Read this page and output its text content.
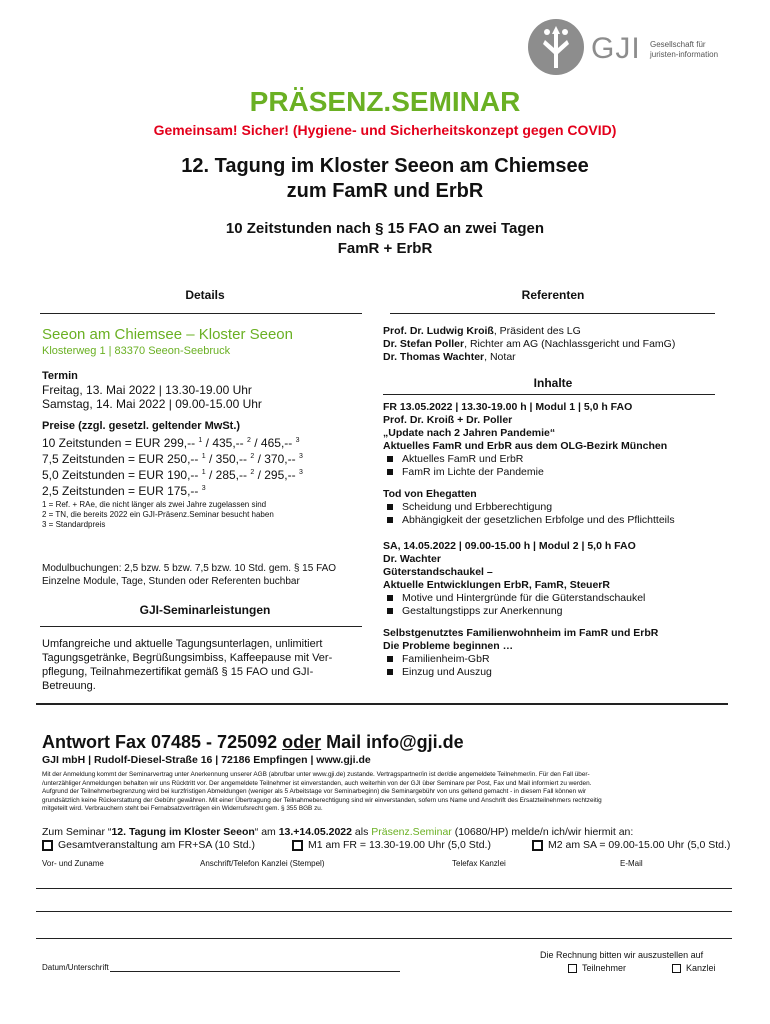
GJI Gesellschaft für
juristen-information
PRÄSENZ.SEMINAR
Gemeinsam! Sicher! (Hygiene- und Sicherheitskonzept gegen COVID)
12. Tagung im Kloster Seeon am Chiemsee
zum FamR und ErbR
10 Zeitstunden nach § 15 FAO an zwei Tagen
FamR + ErbR
Details
Seeon am Chiemsee – Kloster Seeon
Klosterweg 1 | 83370 Seeon-Seebruck
Termin
Freitag, 13. Mai 2022 | 13.30-19.00 Uhr
Samstag, 14. Mai 2022 | 09.00-15.00 Uhr
Preise (zzgl. gesetzl. geltender MwSt.)
10 Zeitstunden = EUR 299,-- $^1$ / 435,-- $^2$ / 465,-- $^3$
7,5 Zeitstunden = EUR 250,-- $^1$ / 350,-- $^2$ / 370,-- $^3$
5,0 Zeitstunden = EUR 190,-- $^1$ / 285,-- $^2$ / 295,-- $^3$
2,5 Zeitstunden = EUR 175,-- $^3$
1 = Ref. + RAe, die nicht länger als zwei Jahre zugelassen sind
2 = TN, die bereits 2022 ein GJI-Präsenz.Seminar besucht haben
3 = Standardpreis
Modulbuchungen: 2,5 bzw. 5 bzw. 7,5 bzw. 10 Std. gem. § 15 FAO
Einzelne Module, Tage, Stunden oder Referenten buchbar
GJI-Seminarleistungen
Umfangreiche und aktuelle Tagungsunterlagen, unlimitiert
Tagungsgetränke, Begrüßungsimbiss, Kaffeepause mit Ver-
pflegung, Teilnahmezertifikat gemäß § 15 FAO und GJI-
Betreuung.
Referenten
Prof. Dr. Ludwig Kroiß, Präsident des LG
Dr. Stefan Poller, Richter am AG (Nachlassgericht und FamG)
Dr. Thomas Wachter, Notar
Inhalte
FR 13.05.2022 | 13.30-19.00 h | Modul 1 | 5,0 h FAO
Prof. Dr. Kroiß + Dr. Poller
„Update nach 2 Jahren Pandemie“
Aktuelles FamR und ErbR aus dem OLG-Bezirk München
Aktuelles FamR und ErbR
FamR im Lichte der Pandemie
Tod von Ehegatten
Scheidung und Erbberechtigung
Abhängigkeit der gesetzlichen Erbfolge und des Pflichtteils
SA, 14.05.2022 | 09.00-15.00 h | Modul 2 | 5,0 h FAO
Dr. Wachter
Güterstandschaukel –
Aktuelle Entwicklungen ErbR, FamR, SteuerR
Motive und Hintergründe für die Güterstandschaukel
Gestaltungstipps zur Anerkennung
Selbstgenutztes Familienwohnheim im FamR und ErbR
Die Probleme beginnen …
Familienheim-GbR
Einzug und Auszug
Antwort Fax 07485 - 725092 oder Mail info@gji.de
GJI mbH | Rudolf-Diesel-Straße 16 | 72186 Empfingen | www.gji.de
Mit der Anmeldung kommt der Seminarvertrag unter Anerkennung unserer AGB (abrufbar unter www.gji.de) zustande. Vertragspartner/in ist der/die angemeldete Teilnehmer/in. Für den Fall über-
/unterzähliger Anmeldungen behalten wir uns Rücktritt vor. Der angemeldete Teilnehmer ist einverstanden, auch weiterhin von der GJI über Seminare per Post, Fax und Mail informiert zu werden.
Aufgrund der Teilnehmerbegrenzung wird bei kurzfristigen Abmeldungen (weniger als 5 Arbeitstage vor Seminarbeginn) die Seminargebühr von uns geltend gemacht - in diesem Fall können wir
grundsätzlich keine Rückerstattung der Gebühr gewähren. Mit einer Übertragung der Teilnahmeberechtigung sind wir einverstanden, sofern uns Name und Anschrift des Ersatzteilnehmers rechtzeitig
mitgeteilt wird. Verbrauchern steht bei Fernabsatzverträgen ein Widerrufsrecht gem. § 355 BGB zu.
Zum Seminar “12. Tagung im Kloster Seeon“ am 13.+14.05.2022 als Präsenz.Seminar (10680/HP) melde/n ich/wir hiermit an:
Gesamtveranstaltung am FR+SA (10 Std.)	M1 am FR = 13.30-19.00 Uhr (5,0 Std.)	M2 am SA = 09.00-15.00 Uhr (5,0 Std.)
Vor- und Zuname	Anschrift/Telefon Kanzlei (Stempel)	Telefax Kanzlei	E-Mail
Datum/Unterschrift
Die Rechnung bitten wir auszustellen auf
Teilnehmer	Kanzlei
